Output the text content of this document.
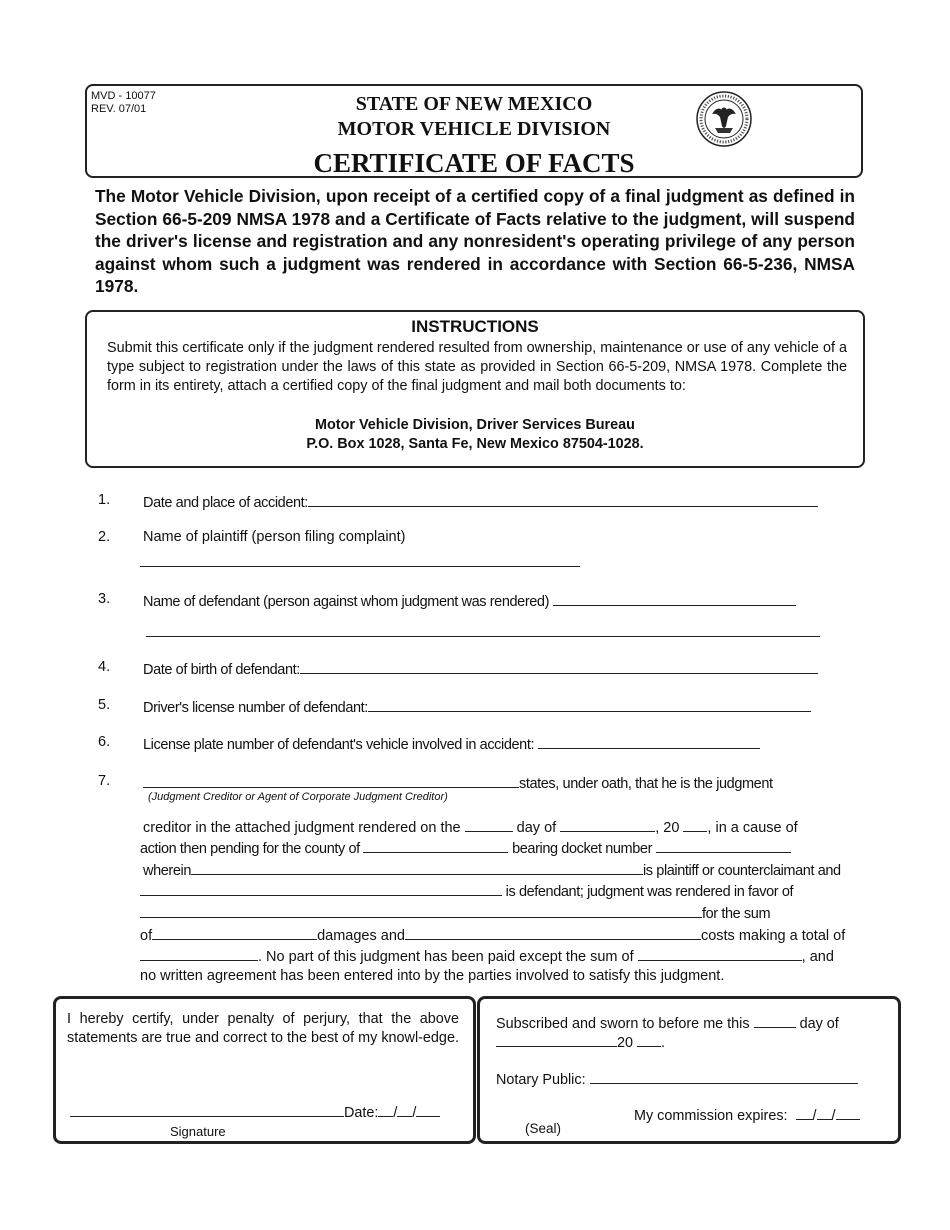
MVD - 10077
REV. 07/01	STATE OF NEW MEXICO
MOTOR VEHICLE DIVISION
CERTIFICATE OF FACTS
The Motor Vehicle Division, upon receipt of a certified copy of a final judgment as defined in Section 66-5-209 NMSA 1978 and a Certificate of Facts relative to the judgment, will suspend the driver's license and registration and any nonresident's operating privilege of any person against whom such a judgment was rendered in accordance with Section 66-5-236, NMSA 1978.
INSTRUCTIONS
Submit this certificate only if the judgment rendered resulted from ownership, maintenance or use of any vehicle of a type subject to registration under the laws of this state as provided in Section 66-5-209, NMSA 1978. Complete the form in its entirety, attach a certified copy of the final judgment and mail both documents to:
Motor Vehicle Division, Driver Services Bureau
P.O. Box 1028, Santa Fe, New Mexico 87504-1028.
1. Date and place of accident:
2. Name of plaintiff (person filing complaint)
3. Name of defendant (person against whom judgment was rendered)
4. Date of birth of defendant:
5. Driver's license number of defendant:
6. License plate number of defendant's vehicle involved in accident:
7.	states, under oath, that he is the judgment
(Judgment Creditor or Agent of Corporate Judgment Creditor)
creditor in the attached judgment rendered on the	day of	, 20 , in a cause of
action then pending for the county of	bearing docket number
wherein	is plaintiff or counterclaimant and
is defendant; judgment was rendered in favor of
for the sum
of	damages and	costs making a total of
. No part of this judgment has been paid except the sum of	, and
no written agreement has been entered into by the parties involved to satisfy this judgment.
I hereby certify, under penalty of perjury, that the above statements are true and correct to the best of my knowl-edge.
Date: / /
Signature
Subscribed and sworn to before me this	day of
20 .
Notary Public:
My commission expires: / /
(Seal)
